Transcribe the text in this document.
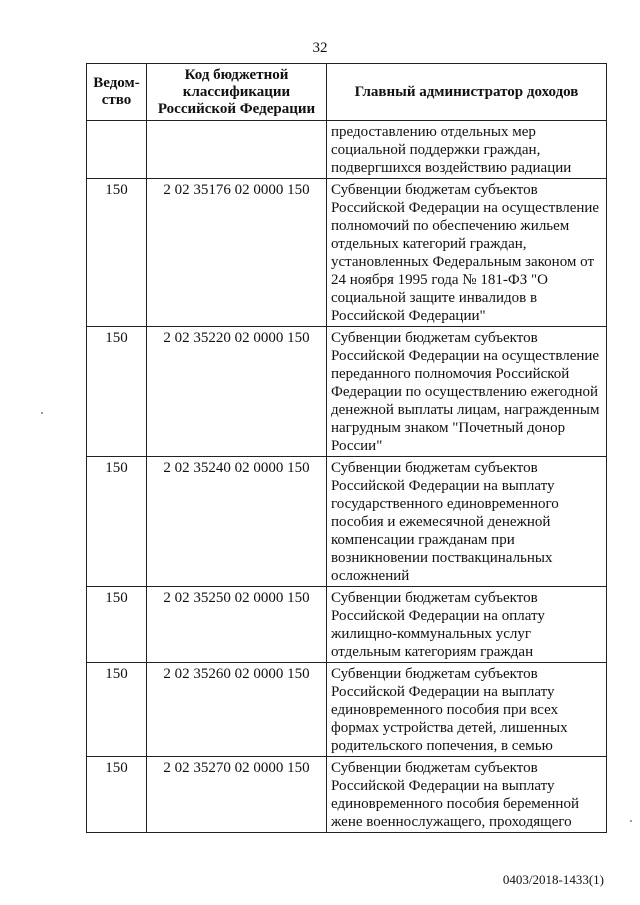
32
Ведом-ство	Код бюджетной классификации Российской Федерации	Главный администратор доходов
		предоставлению отдельных мер социальной поддержки граждан, подвергшихся воздействию радиации
150	2 02 35176 02 0000 150	Субвенции бюджетам субъектов Российской Федерации на осуществление полномочий по обеспечению жильем отдельных категорий граждан, установленных Федеральным законом от 24 ноября 1995 года № 181-ФЗ "О социальной защите инвалидов в Российской Федерации"
150	2 02 35220 02 0000 150	Субвенции бюджетам субъектов Российской Федерации на осуществление переданного полномочия Российской Федерации по осуществлению ежегодной денежной выплаты лицам, награжденным нагрудным знаком "Почетный донор России"
150	2 02 35240 02 0000 150	Субвенции бюджетам субъектов Российской Федерации на выплату государственного единовременного пособия и ежемесячной денежной компенсации гражданам при возникновении поствакцинальных осложнений
150	2 02 35250 02 0000 150	Субвенции бюджетам субъектов Российской Федерации на оплату жилищно-коммунальных услуг отдельным категориям граждан
150	2 02 35260 02 0000 150	Субвенции бюджетам субъектов Российской Федерации на выплату единовременного пособия при всех формах устройства детей, лишенных родительского попечения, в семью
150	2 02 35270 02 0000 150	Субвенции бюджетам субъектов Российской Федерации на выплату единовременного пособия беременной жене военнослужащего, проходящего
0403/2018-1433(1)
